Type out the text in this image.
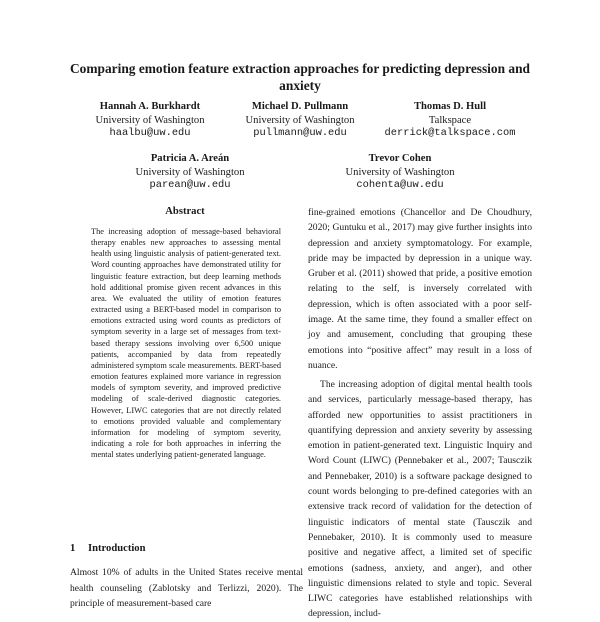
Comparing emotion feature extraction approaches for predicting depression and anxiety
Hannah A. Burkhardt
University of Washington
haalbu@uw.edu
Michael D. Pullmann
University of Washington
pullmann@uw.edu
Thomas D. Hull
Talkspace
derrick@talkspace.com
Patricia A. Areán
University of Washington
parean@uw.edu
Trevor Cohen
University of Washington
cohenta@uw.edu
Abstract

The increasing adoption of message-based behavioral therapy enables new approaches to assessing mental health using linguistic analysis of patient-generated text. Word counting approaches have demonstrated utility for linguistic feature extraction, but deep learning methods hold additional promise given recent advances in this area. We evaluated the utility of emotion features extracted using a BERT-based model in comparison to emotions extracted using word counts as predictors of symptom severity in a large set of messages from text-based therapy sessions involving over 6,500 unique patients, accompanied by data from repeatedly administered symptom scale measurements. BERT-based emotion features explained more variance in regression models of symptom severity, and improved predictive modeling of scale-derived diagnostic categories. However, LIWC categories that are not directly related to emotions provided valuable and complementary information for modeling of symptom severity, indicating a role for both approaches in inferring the mental states underlying patient-generated language.

1 Introduction

Almost 10% of adults in the United States receive mental health counseling (Zablotsky and Terlizzi, 2020). The principle of measurement-based care

fine-grained emotions (Chancellor and De Choudhury, 2020; Guntuku et al., 2017) may give further insights into depression and anxiety symptomatology. For example, pride may be impacted by depression in a unique way. Gruber et al. (2011) showed that pride, a positive emotion relating to the self, is inversely correlated with depression, which is often associated with a poor self-image. At the same time, they found a smaller effect on joy and amusement, concluding that grouping these emotions into “positive affect” may result in a loss of nuance.

The increasing adoption of digital mental health tools and services, particularly message-based therapy, has afforded new opportunities to assist practitioners in quantifying depression and anxiety severity by assessing emotion in patient-generated text. Linguistic Inquiry and Word Count (LIWC) (Pennebaker et al., 2007; Tausczik and Pennebaker, 2010) is a software package designed to count words belonging to pre-defined categories with an extensive track record of validation for the detection of linguistic indicators of mental state (Tausczik and Pennebaker, 2010). It is commonly used to measure positive and negative affect, a limited set of specific emotions (sadness, anxiety, and anger), and other linguistic dimensions related to style and topic. Several LIWC categories have established relationships with depression, includ-
